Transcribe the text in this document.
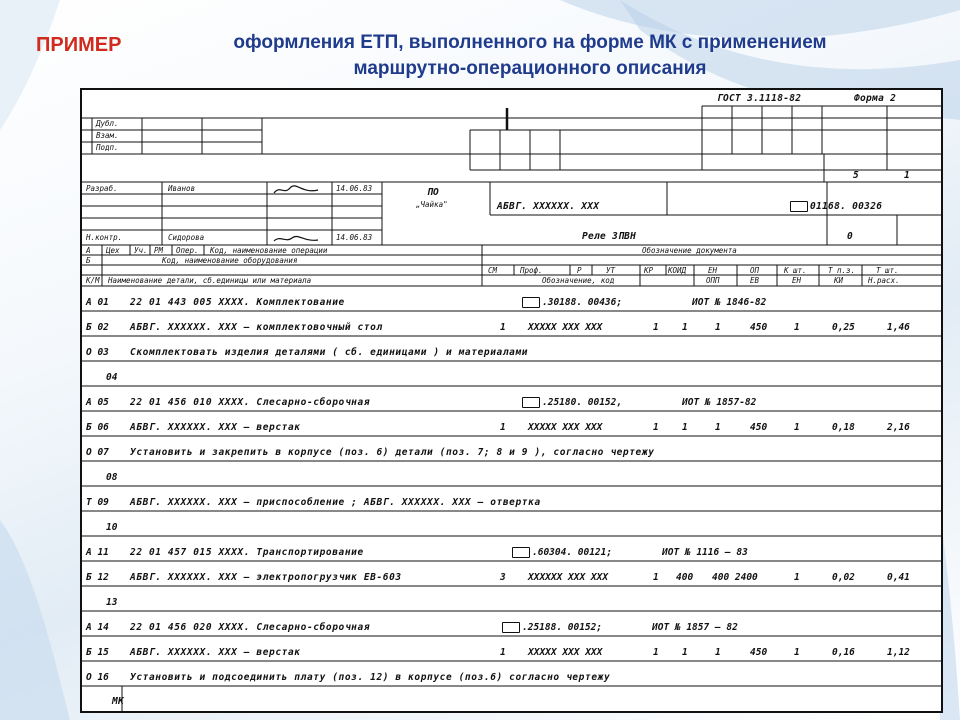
ПРИМЕР	оформления ЕТП, выполненного на форме МК с применением
маршрутно-операционного описания
ГОСТ 3.1118-82	Форма 2
Дубл.
Взам.
Подп.
5	1
Разраб.	Иванов	14.06.83
Н.контр.	Сидорова	14.06.83
ПО
„Чайка"	АБВГ. XXXXXX. XXX	01168. 00326
Реле ЗПВН	0
А Цех Уч. РМ Опер. Код, наименование операции	Обозначение документа
Б	Код, наименование оборудования
К/М Наименование детали, сб.единицы или материала
СМ	Проф.	Р	УТ	КР КОИД	ЕН	ОП	К шт.	Т п.з.	Т шт.
Обозначение, код	ОПП	ЕВ	ЕН	КИ	Н.расх.
А 01 22 01 443 005 XXXX. Комплектование	.30188. 00436;	ИОТ № 1846-82
Б 02 АБВГ. XXXXXX. XXX – комплектовочный стол	1 XXXXX XXX XXX	1 1	1	450	1	0,25	1,46
О 03 Скомплектовать изделия деталями ( сб. единицами ) и материалами
04
А 05 22 01 456 010 XXXX. Слесарно-сборочная	.25180. 00152,	ИОТ № 1857-82
Б 06 АБВГ. XXXXXX. XXX – верстак	1 XXXXX XXX XXX	1 1	1	450	1	0,18	2,16
О 07 Установить и закрепить в корпусе (поз. 6) детали (поз. 7; 8 и 9 ), согласно чертежу
08
Т 09 АБВГ. XXXXXX. XXX – приспособление ; АБВГ. XXXXXX. XXX – отвертка
10
А 11 22 01 457 015 XXXX. Транспортирование	.60304. 00121;	ИОТ № 1116 – 83
Б 12 АБВГ. XXXXXX. XXX – электропогрузчик ЕВ-603	3 XXXXXX XXX XXX	1 400 400 2400	1	0,02	0,41
13
А 14 22 01 456 020 XXXX. Слесарно-сборочная	.25188. 00152;	ИОТ № 1857 – 82
Б 15 АБВГ. XXXXXX. XXX – верстак	1 XXXXX XXX XXX	1 1	1	450	1	0,16	1,12
О 16 Установить и подсоединить плату (поз. 12) в корпусе (поз.6) согласно чертежу
МК
